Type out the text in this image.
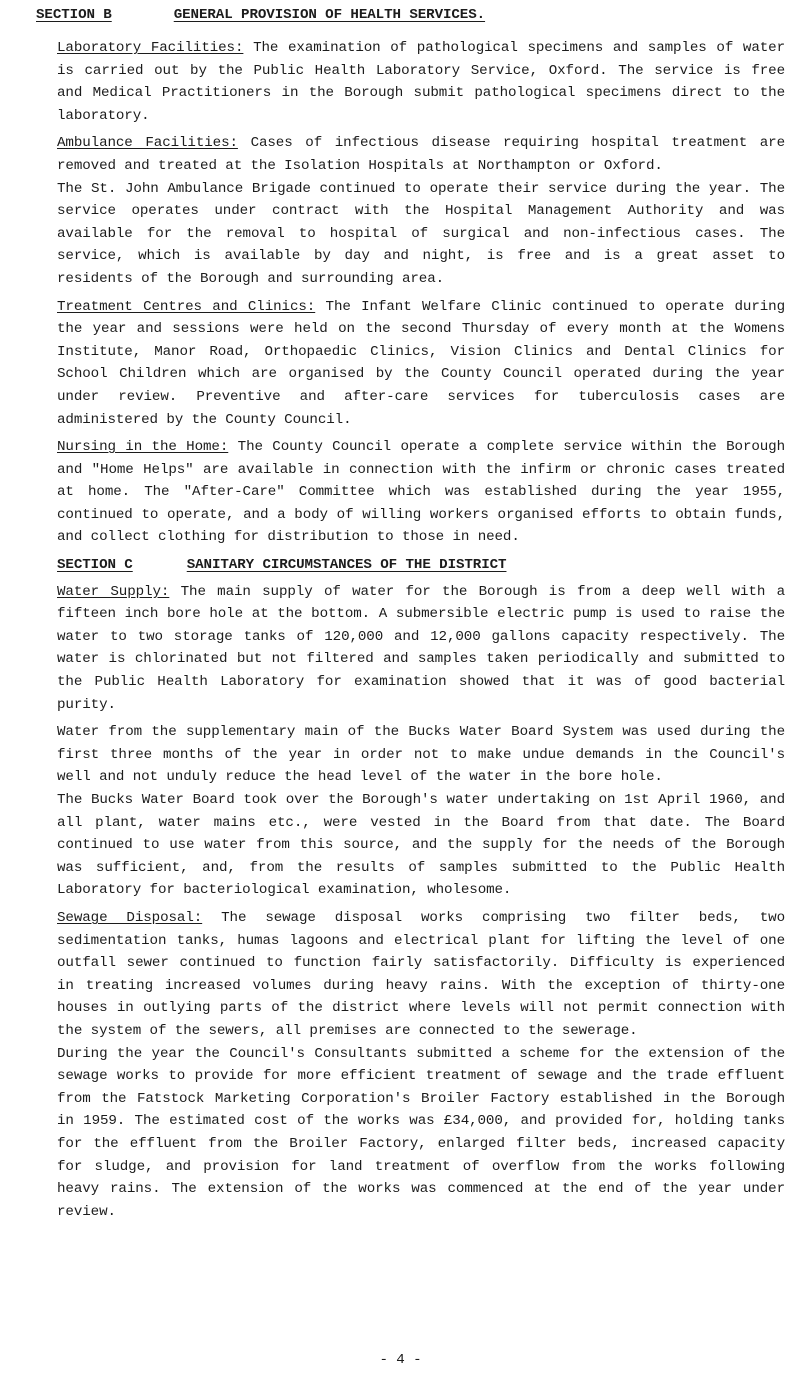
SECTION B	GENERAL PROVISION OF HEALTH SERVICES.

Laboratory Facilities: The examination of pathological specimens and samples of water is carried out by the Public Health Laboratory Service, Oxford. The service is free and Medical Practitioners in the Borough submit pathological specimens direct to the laboratory.

Ambulance Facilities: Cases of infectious disease requiring hospital treatment are removed and treated at the Isolation Hospitals at Northampton or Oxford.

The St. John Ambulance Brigade continued to operate their service during the year. The service operates under contract with the Hospital Management Authority and was available for the removal to hospital of surgical and non-infectious cases. The service, which is available by day and night, is free and is a great asset to residents of the Borough and surrounding area.

Treatment Centres and Clinics: The Infant Welfare Clinic continued to operate during the year and sessions were held on the second Thursday of every month at the Womens Institute, Manor Road, Orthopaedic Clinics, Vision Clinics and Dental Clinics for School Children which are organised by the County Council operated during the year under review. Preventive and after-care services for tuberculosis cases are administered by the County Council.

Nursing in the Home: The County Council operate a complete service within the Borough and "Home Helps" are available in connection with the infirm or chronic cases treated at home. The "After-Care" Committee which was established during the year 1955, continued to operate, and a body of willing workers organised efforts to obtain funds, and collect clothing for distribution to those in need.

SECTION C	SANITARY CIRCUMSTANCES OF THE DISTRICT

Water Supply: The main supply of water for the Borough is from a deep well with a fifteen inch bore hole at the bottom. A submersible electric pump is used to raise the water to two storage tanks of 120,000 and 12,000 gallons capacity respectively. The water is chlorinated but not filtered and samples taken periodically and submitted to the Public Health Laboratory for examination showed that it was of good bacterial purity.

Water from the supplementary main of the Bucks Water Board System was used during the first three months of the year in order not to make undue demands in the Council's well and not unduly reduce the head level of the water in the bore hole.

The Bucks Water Board took over the Borough's water undertaking on 1st April 1960, and all plant, water mains etc., were vested in the Board from that date. The Board continued to use water from this source, and the supply for the needs of the Borough was sufficient, and, from the results of samples submitted to the Public Health Laboratory for bacteriological examination, wholesome.

Sewage Disposal: The sewage disposal works comprising two filter beds, two sedimentation tanks, humas lagoons and electrical plant for lifting the level of one outfall sewer continued to function fairly satisfactorily. Difficulty is experienced in treating increased volumes during heavy rains. With the exception of thirty-one houses in outlying parts of the district where levels will not permit connection with the system of the sewers, all premises are connected to the sewerage.

During the year the Council's Consultants submitted a scheme for the extension of the sewage works to provide for more efficient treatment of sewage and the trade effluent from the Fatstock Marketing Corporation's Broiler Factory established in the Borough in 1959. The estimated cost of the works was £34,000, and provided for, holding tanks for the effluent from the Broiler Factory, enlarged filter beds, increased capacity for sludge, and provision for land treatment of overflow from the works following heavy rains. The extension of the works was commenced at the end of the year under review.

- 4 -
